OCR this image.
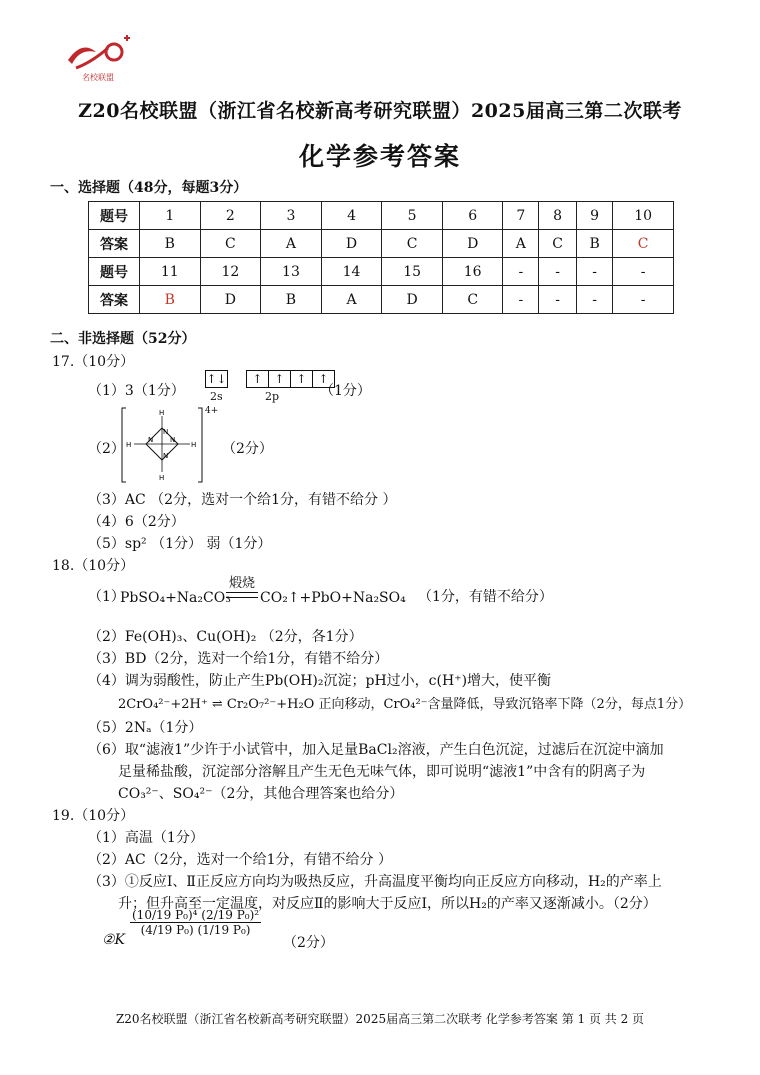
名校联盟
Z20名校联盟（浙江省名校新高考研究联盟）2025届高三第二次联考
化学参考答案
一、选择题（48分，每题3分）
题号	1	2	3	4	5	6	7	8	9	10
答案	B	C	A	D	C	D	A	C	B	C
题号	11	12	13	14	15	16	-	-	-	-
答案	B	D	B	A	D	C	-	-	-	-
二、非选择题（52分）
17.（10分）
（1）3（1分）
↑↓ ↑ ↑ ↑ ↑
2s	2p	（1分）
（2）
H
H
H	H
N
N
N N
4+
（2分）
（3）AC （2分，选对一个给1分，有错不给分 ）
（4）6（2分）
（5）sp² （1分） 弱（1分）
18.（10分）
（1）
PbSO₄+Na₂CO₃
煅烧
CO₂↑+PbO+Na₂SO₄ （1分，有错不给分）
（2）Fe(OH)₃、Cu(OH)₂ （2分，各1分）
（3）BD（2分，选对一个给1分，有错不给分）
（4）调为弱酸性，防止产生Pb(OH)₂沉淀；pH过小，c(H⁺)增大，使平衡
2CrO₄²⁻+2H⁺ ⇌ Cr₂O₇²⁻+H₂O 正向移动，CrO₄²⁻含量降低，导致沉铬率下降（2分，每点1分）
（5）2Nₐ（1分）
（6）取“滤液1”少许于小试管中，加入足量BaCl₂溶液，产生白色沉淀，过滤后在沉淀中滴加
足量稀盐酸，沉淀部分溶解且产生无色无味气体，即可说明“滤液1”中含有的阴离子为
CO₃²⁻、SO₄²⁻（2分，其他合理答案也给分）
19.（10分）
（1）高温（1分）
（2）AC（2分，选对一个给1分，有错不给分 ）
（3）①反应Ⅰ、Ⅱ正反应方向均为吸热反应，升高温度平衡均向正反应方向移动，H₂的产率上
升；但升高至一定温度，对反应Ⅱ的影响大于反应Ⅰ，所以H₂的产率又逐渐减小。（2分）
②K
$\frac{\text{(10/19 P₀)⁴ (2/19 P₀)²}}{\text{(4/19 P₀) (1/19 P₀)}}$
（2分）
Z20名校联盟（浙江省名校新高考研究联盟）2025届高三第二次联考 化学参考答案 第 1 页 共 2 页
